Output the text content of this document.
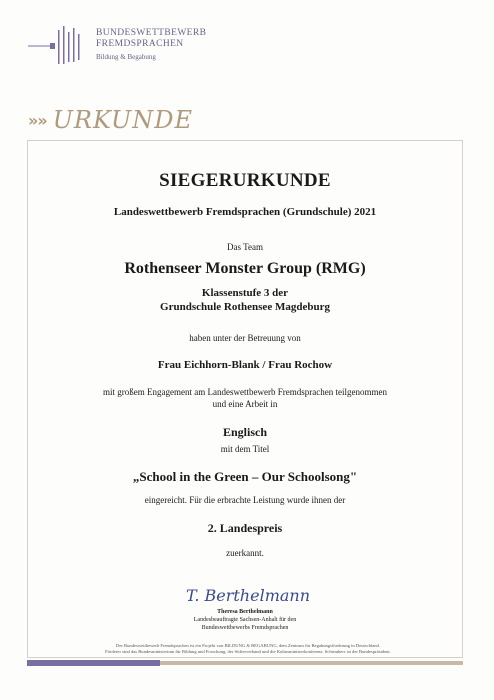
BUNDESWETTBEWERB
FREMDSPRACHEN
Bildung & Begabung
» » URKUNDE
SIEGERURKUNDE
Landeswettbewerb Fremdsprachen (Grundschule) 2021
Das Team
Rothenseer Monster Group (RMG)
Klassenstufe 3 der
Grundschule Rothensee Magdeburg
haben unter der Betreuung von
Frau Eichhorn-Blank / Frau Rochow
mit großem Engagement am Landeswettbewerb Fremdsprachen teilgenommen
und eine Arbeit in
Englisch
mit dem Titel
„School in the Green – Our Schoolsong"
eingereicht. Für die erbrachte Leistung wurde ihnen der
2. Landespreis
zuerkannt.
T. Berthelmann
Theresa Berthelmann
Landesbeauftragte Sachsen-Anhalt für den
Bundeswettbewerbs Fremdsprachen
Der Bundeswettbewerb Fremdsprachen ist ein Projekt von BILDUNG & BEGABUNG, dem Zentrum für Begabungsförderung in Deutschland.
Förderer sind das Bundesministerium für Bildung und Forschung, der Stifterverband und die Kultusministerkonferenz. Schirmherr ist der Bundespräsident.
